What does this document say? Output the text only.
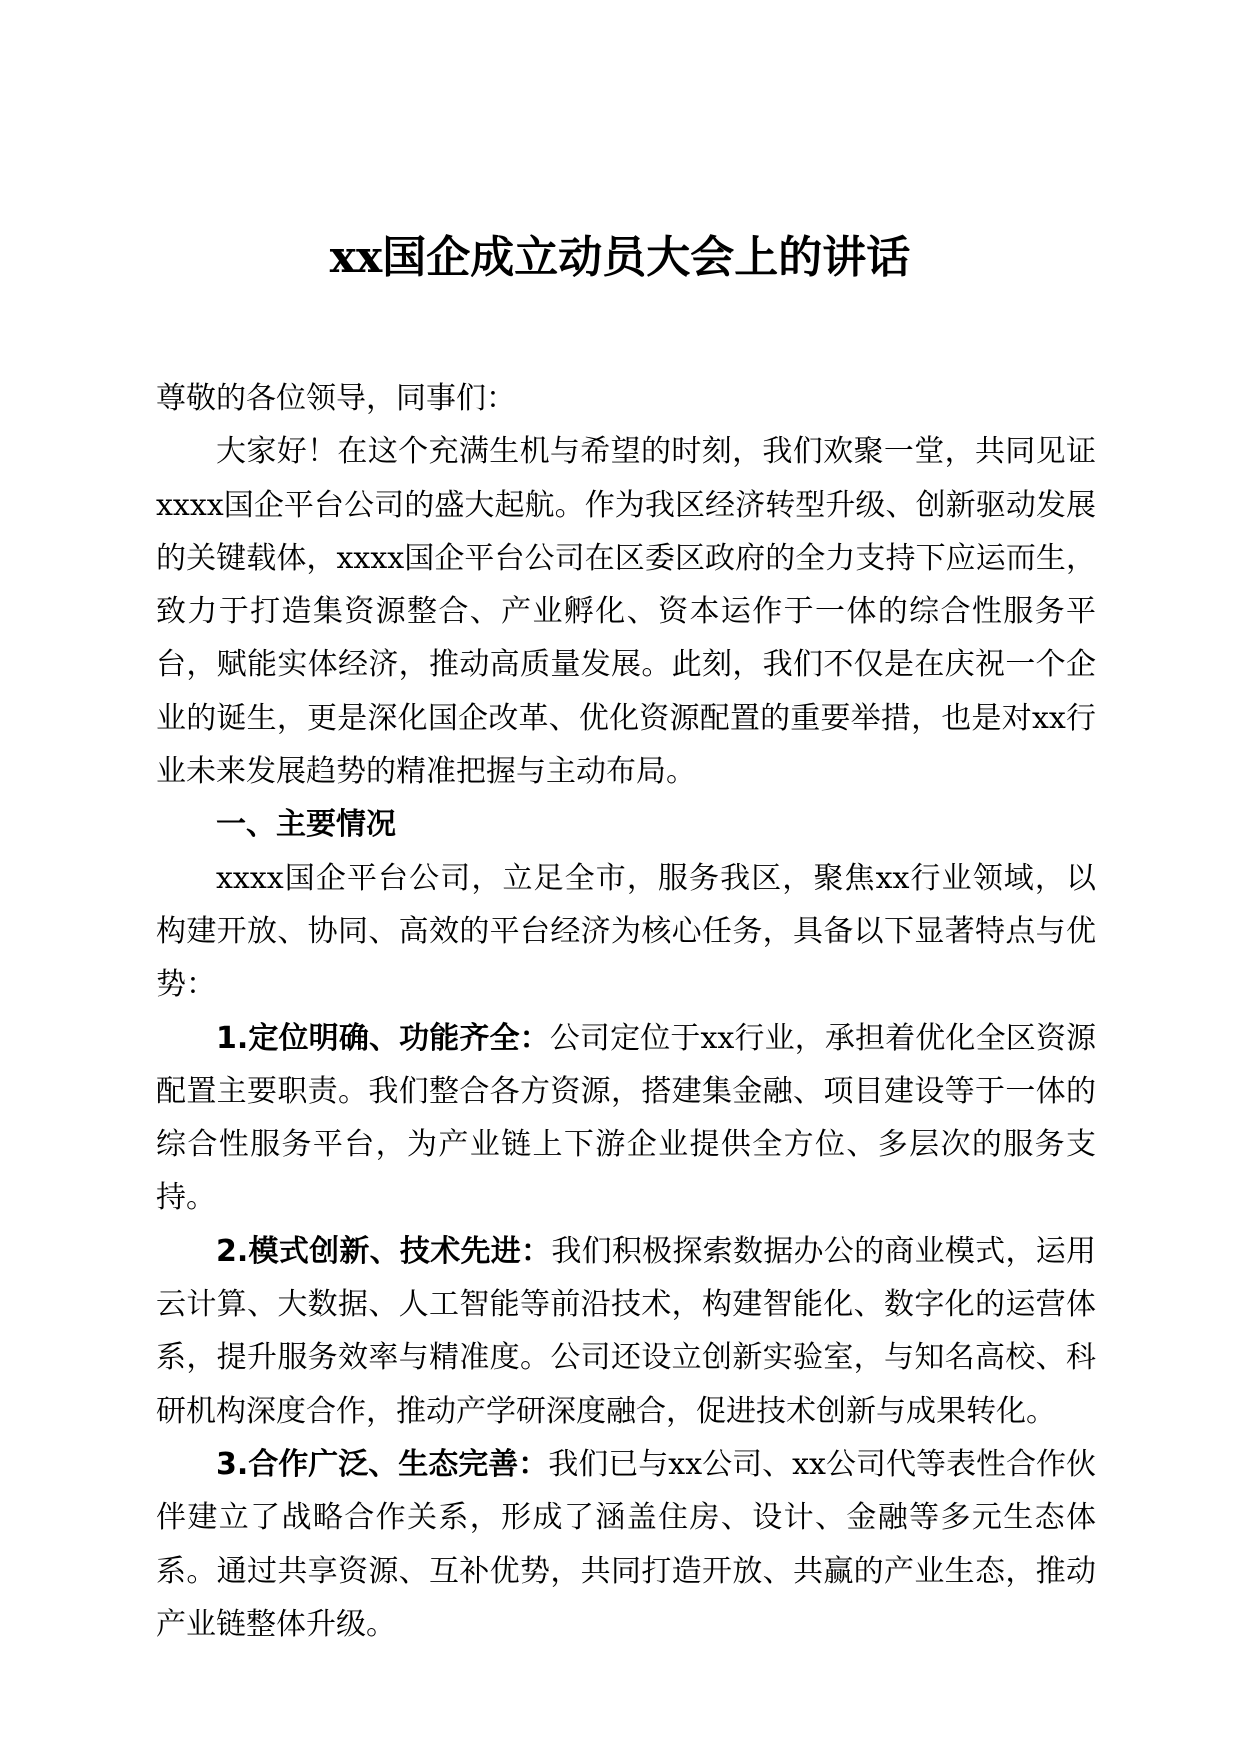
xx国企成立动员大会上的讲话

尊敬的各位领导，同事们：

大家好！在这个充满生机与希望的时刻，我们欢聚一堂，共同见证xxxx国企平台公司的盛大起航。作为我区经济转型升级、创新驱动发展的关键载体，xxxx国企平台公司在区委区政府的全力支持下应运而生，致力于打造集资源整合、产业孵化、资本运作于一体的综合性服务平台，赋能实体经济，推动高质量发展。此刻，我们不仅是在庆祝一个企业的诞生，更是深化国企改革、优化资源配置的重要举措，也是对xx行业未来发展趋势的精准把握与主动布局。

一、主要情况

xxxx国企平台公司，立足全市，服务我区，聚焦xx行业领域，以构建开放、协同、高效的平台经济为核心任务，具备以下显著特点与优势：

1.定位明确、功能齐全：公司定位于xx行业，承担着优化全区资源配置主要职责。我们整合各方资源，搭建集金融、项目建设等于一体的综合性服务平台，为产业链上下游企业提供全方位、多层次的服务支持。

2.模式创新、技术先进：我们积极探索数据办公的商业模式，运用云计算、大数据、人工智能等前沿技术，构建智能化、数字化的运营体系，提升服务效率与精准度。公司还设立创新实验室，与知名高校、科研机构深度合作，推动产学研深度融合，促进技术创新与成果转化。

3.合作广泛、生态完善：我们已与xx公司、xx公司代等表性合作伙伴建立了战略合作关系，形成了涵盖住房、设计、金融等多元生态体系。通过共享资源、互补优势，共同打造开放、共赢的产业生态，推动产业链整体升级。
